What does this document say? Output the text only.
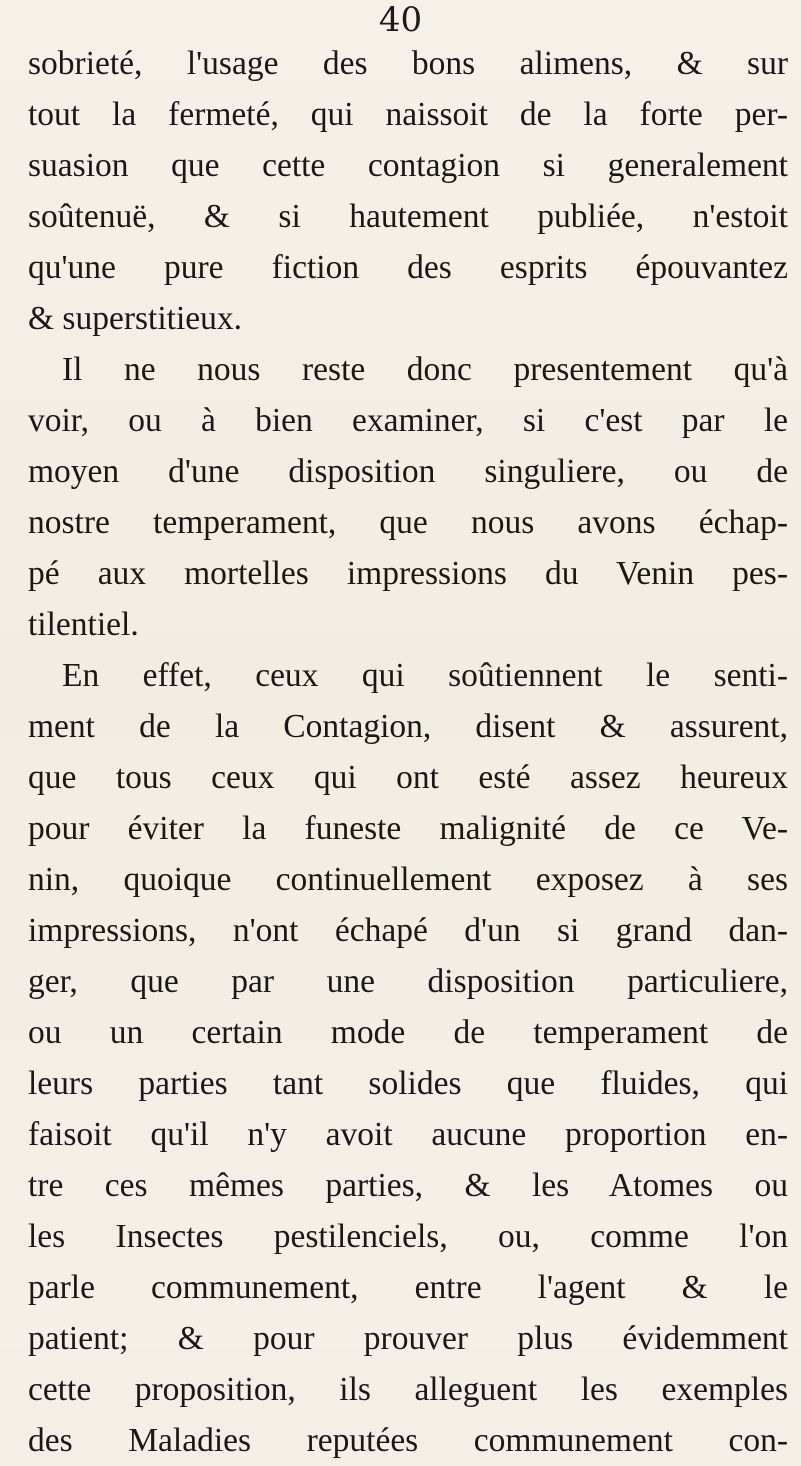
40
sobrieté, l'usage des bons alimens, & sur
tout la fermeté, qui naissoit de la forte per-
suasion que cette contagion si generalement
soûtenuë, & si hautement publiée, n'estoit
qu'une pure fiction des esprits épouvantez
& superstitieux.
Il ne nous reste donc presentement qu'à
voir, ou à bien examiner, si c'est par le
moyen d'une disposition singuliere, ou de
nostre temperament, que nous avons échap-
pé aux mortelles impressions du Venin pes-
tilentiel.
En effet, ceux qui soûtiennent le senti-
ment de la Contagion, disent & assurent,
que tous ceux qui ont esté assez heureux
pour éviter la funeste malignité de ce Ve-
nin, quoique continuellement exposez à ses
impressions, n'ont échapé d'un si grand dan-
ger, que par une disposition particuliere,
ou un certain mode de temperament de
leurs parties tant solides que fluides, qui
faisoit qu'il n'y avoit aucune proportion en-
tre ces mêmes parties, & les Atomes ou
les Insectes pestilenciels, ou, comme l'on
parle communement, entre l'agent & le
patient; & pour prouver plus évidemment
cette proposition, ils alleguent les exemples
des Maladies reputées communement con-
